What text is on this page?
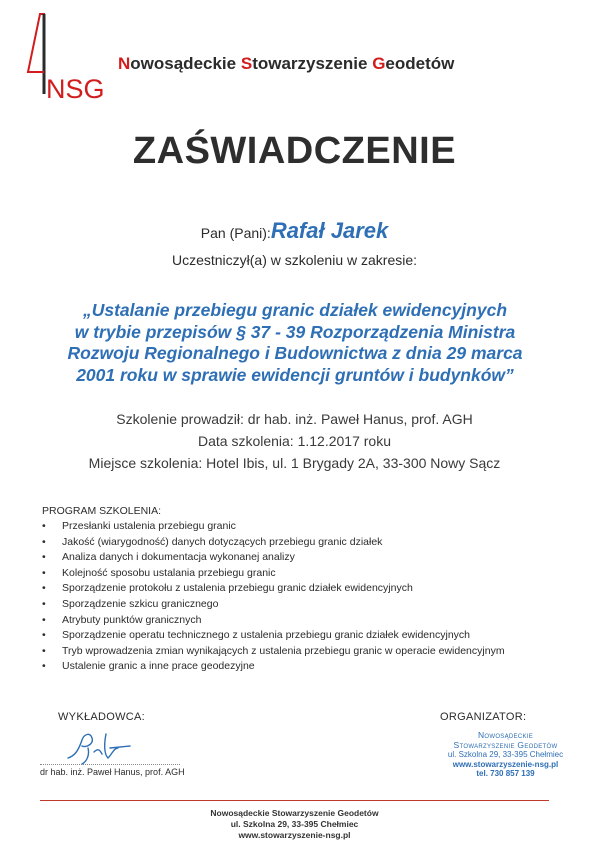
NSG
Nowosądeckie Stowarzyszenie Geodetów
ZAŚWIADCZENIE
Pan (Pani):Rafał Jarek
Uczestniczył(a) w szkoleniu w zakresie:
„Ustalanie przebiegu granic działek ewidencyjnych
w trybie przepisów § 37 - 39 Rozporządzenia Ministra
Rozwoju Regionalnego i Budownictwa z dnia 29 marca
2001 roku w sprawie ewidencji gruntów i budynków”
Szkolenie prowadził: dr hab. inż. Paweł Hanus, prof. AGH
Data szkolenia: 1.12.2017 roku
Miejsce szkolenia: Hotel Ibis, ul. 1 Brygady 2A, 33-300 Nowy Sącz
PROGRAM SZKOLENIA:
• Przesłanki ustalenia przebiegu granic
• Jakość (wiarygodność) danych dotyczących przebiegu granic działek
• Analiza danych i dokumentacja wykonanej analizy
• Kolejność sposobu ustalania przebiegu granic
• Sporządzenie protokołu z ustalenia przebiegu granic działek ewidencyjnych
• Sporządzenie szkicu granicznego
• Atrybuty punktów granicznych
• Sporządzenie operatu technicznego z ustalenia przebiegu granic działek ewidencyjnych
• Tryb wprowadzenia zmian wynikających z ustalenia przebiegu granic w operacie ewidencyjnym
• Ustalenie granic a inne prace geodezyjne
WYKŁADOWCA:
dr hab. inż. Paweł Hanus, prof. AGH
ORGANIZATOR:
Nowosądeckie
Stowarzyszenie Geodetów
ul. Szkolna 29, 33-395 Chełmiec
www.stowarzyszenie-nsg.pl
tel. 730 857 139
Nowosądeckie Stowarzyszenie Geodetów
ul. Szkolna 29, 33-395 Chełmiec
www.stowarzyszenie-nsg.pl
